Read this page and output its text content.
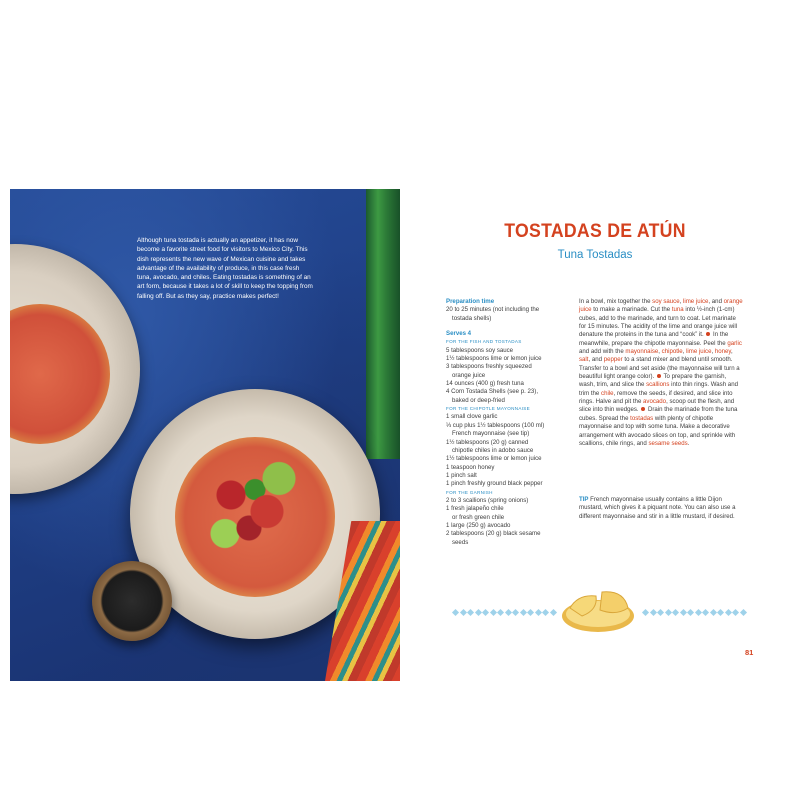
Although tuna tostada is actually an appetizer, it has now become a favorite street food for visitors to Mexico City. This dish represents the new wave of Mexican cuisine and takes advantage of the availability of produce, in this case fresh tuna, avocado, and chiles. Eating tostadas is something of an art form, because it takes a lot of skill to keep the topping from falling off. But as they say, practice makes perfect!

TOSTADAS DE ATÚN

Tuna Tostadas

Preparation time
20 to 25 minutes (not including the
tostada shells)
Serves 4
FOR THE FISH AND TOSTADAS
5 tablespoons soy sauce
1½ tablespoons lime or lemon juice
3 tablespoons freshly squeezed
orange juice
14 ounces (400 g) fresh tuna
4 Corn Tostada Shells (see p. 23),
baked or deep-fried
FOR THE CHIPOTLE MAYONNAISE
1 small clove garlic
⅓ cup plus 1½ tablespoons (100 ml)
French mayonnaise (see tip)
1½ tablespoons (20 g) canned
chipotle chiles in adobo sauce
1½ tablespoons lime or lemon juice
1 teaspoon honey
1 pinch salt
1 pinch freshly ground black pepper
FOR THE GARNISH
2 to 3 scallions (spring onions)
1 fresh jalapeño chile
or fresh green chile
1 large (250 g) avocado
2 tablespoons (20 g) black sesame
seeds

In a bowl, mix together the soy sauce, lime juice, and orange juice to make a marinade. Cut the tuna into ½-inch (1-cm) cubes, add to the marinade, and turn to coat. Let marinate for 15 minutes. The acidity of the lime and orange juice will denature the proteins in the tuna and “cook” it.  In the meanwhile, prepare the chipotle mayonnaise. Peel the garlic and add with the mayonnaise, chipotle, lime juice, honey, salt, and pepper to a stand mixer and blend until smooth. Transfer to a bowl and set aside (the mayonnaise will turn a beautiful light orange color).  To prepare the garnish, wash, trim, and slice the scallions into thin rings. Wash and trim the chile, remove the seeds, if desired, and slice into rings. Halve and pit the avocado, scoop out the flesh, and slice into thin wedges.  Drain the marinade from the tuna cubes. Spread the tostadas with plenty of chipotle mayonnaise and top with some tuna. Make a decorative arrangement with avocado slices on top, and sprinkle with scallions, chile rings, and sesame seeds.

TIP French mayonnaise usually contains a little Dijon mustard, which gives it a piquant note. You can also use a different mayonnaise and stir in a little mustard, if desired.

81
